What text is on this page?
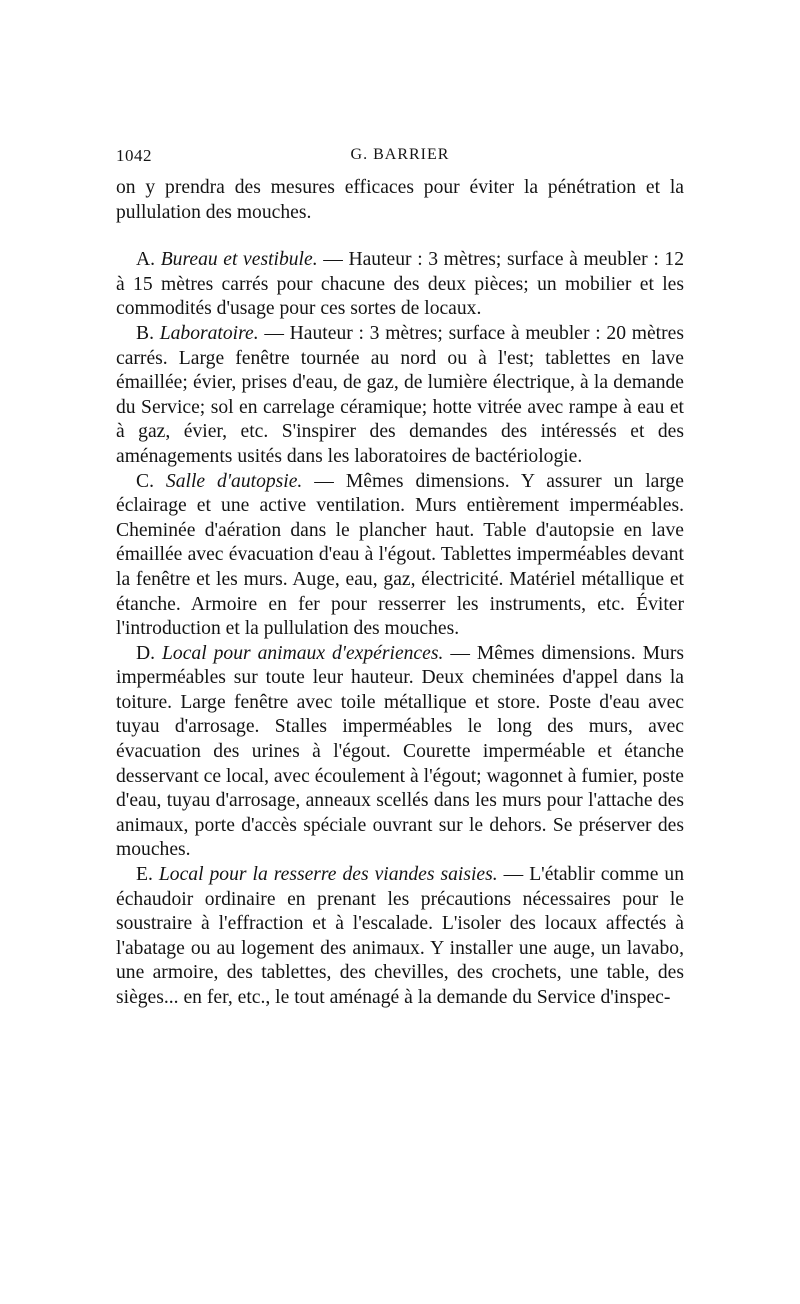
1042	G. BARRIER

on y prendra des mesures efficaces pour éviter la pénétration et la pullulation des mouches.

A. Bureau et vestibule. — Hauteur : 3 mètres; surface à meubler : 12 à 15 mètres carrés pour chacune des deux pièces; un mobilier et les commodités d'usage pour ces sortes de locaux.

B. Laboratoire. — Hauteur : 3 mètres; surface à meubler : 20 mètres carrés. Large fenêtre tournée au nord ou à l'est; tablettes en lave émaillée; évier, prises d'eau, de gaz, de lumière électrique, à la demande du Service; sol en carrelage céramique; hotte vitrée avec rampe à eau et à gaz, évier, etc. S'inspirer des demandes des intéressés et des aménagements usités dans les laboratoires de bactériologie.

C. Salle d'autopsie. — Mêmes dimensions. Y assurer un large éclairage et une active ventilation. Murs entièrement imperméables. Cheminée d'aération dans le plancher haut. Table d'autopsie en lave émaillée avec évacuation d'eau à l'égout. Tablettes imperméables devant la fenêtre et les murs. Auge, eau, gaz, électricité. Matériel métallique et étanche. Armoire en fer pour resserrer les instruments, etc. Éviter l'introduction et la pullulation des mouches.

D. Local pour animaux d'expériences. — Mêmes dimensions. Murs imperméables sur toute leur hauteur. Deux cheminées d'appel dans la toiture. Large fenêtre avec toile métallique et store. Poste d'eau avec tuyau d'arrosage. Stalles imperméables le long des murs, avec évacuation des urines à l'égout. Courette imperméable et étanche desservant ce local, avec écoulement à l'égout; wagonnet à fumier, poste d'eau, tuyau d'arrosage, anneaux scellés dans les murs pour l'attache des animaux, porte d'accès spéciale ouvrant sur le dehors. Se préserver des mouches.

E. Local pour la resserre des viandes saisies. — L'établir comme un échaudoir ordinaire en prenant les précautions nécessaires pour le soustraire à l'effraction et à l'escalade. L'isoler des locaux affectés à l'abatage ou au logement des animaux. Y installer une auge, un lavabo, une armoire, des tablettes, des chevilles, des crochets, une table, des sièges... en fer, etc., le tout aménagé à la demande du Service d'inspec-
